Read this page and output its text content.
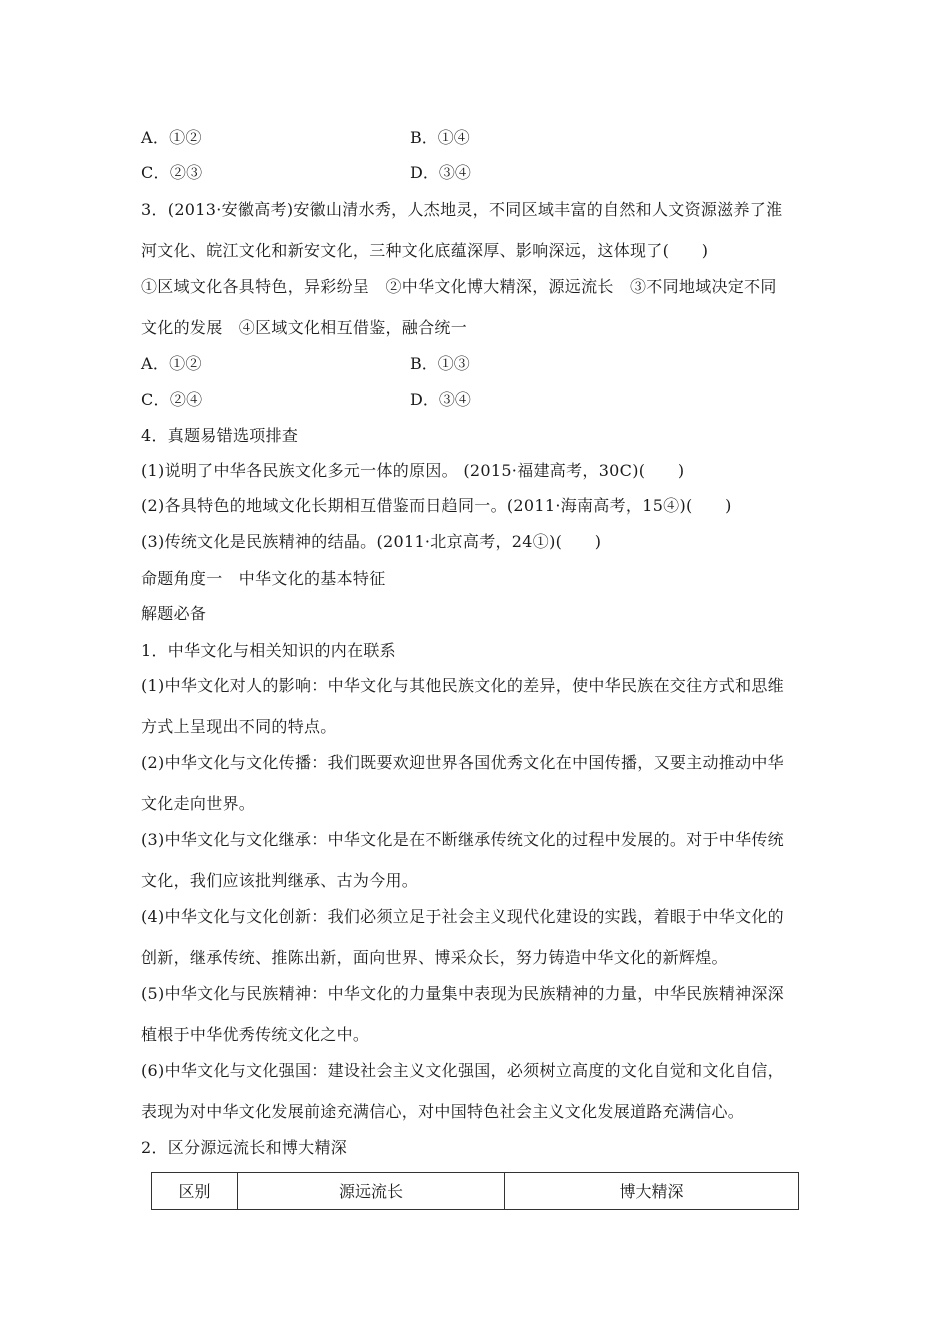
A．①②	B．①④
C．②③	D．③④
3．(2013·安徽高考)安徽山清水秀，人杰地灵，不同区域丰富的自然和人文资源滋养了淮
河文化、皖江文化和新安文化，三种文化底蕴深厚、影响深远，这体现了(　　)
①区域文化各具特色，异彩纷呈　②中华文化博大精深，源远流长　③不同地域决定不同
文化的发展　④区域文化相互借鉴，融合统一
A．①②	B．①③
C．②④	D．③④
4．真题易错选项排查
(1)说明了中华各民族文化多元一体的原因。 (2015·福建高考，30C)(　　)
(2)各具特色的地域文化长期相互借鉴而日趋同一。(2011·海南高考，15④)(　　)
(3)传统文化是民族精神的结晶。(2011·北京高考，24①)(　　)
命题角度一　中华文化的基本特征
解题必备
1．中华文化与相关知识的内在联系
(1)中华文化对人的影响：中华文化与其他民族文化的差异，使中华民族在交往方式和思维
方式上呈现出不同的特点。
(2)中华文化与文化传播：我们既要欢迎世界各国优秀文化在中国传播，又要主动推动中华
文化走向世界。
(3)中华文化与文化继承：中华文化是在不断继承传统文化的过程中发展的。对于中华传统
文化，我们应该批判继承、古为今用。
(4)中华文化与文化创新：我们必须立足于社会主义现代化建设的实践，着眼于中华文化的
创新，继承传统、推陈出新，面向世界、博采众长，努力铸造中华文化的新辉煌。
(5)中华文化与民族精神：中华文化的力量集中表现为民族精神的力量，中华民族精神深深
植根于中华优秀传统文化之中。
(6)中华文化与文化强国：建设社会主义文化强国，必须树立高度的文化自觉和文化自信，
表现为对中华文化发展前途充满信心，对中国特色社会主义文化发展道路充满信心。
2．区分源远流长和博大精深
区别	源远流长	博大精深
